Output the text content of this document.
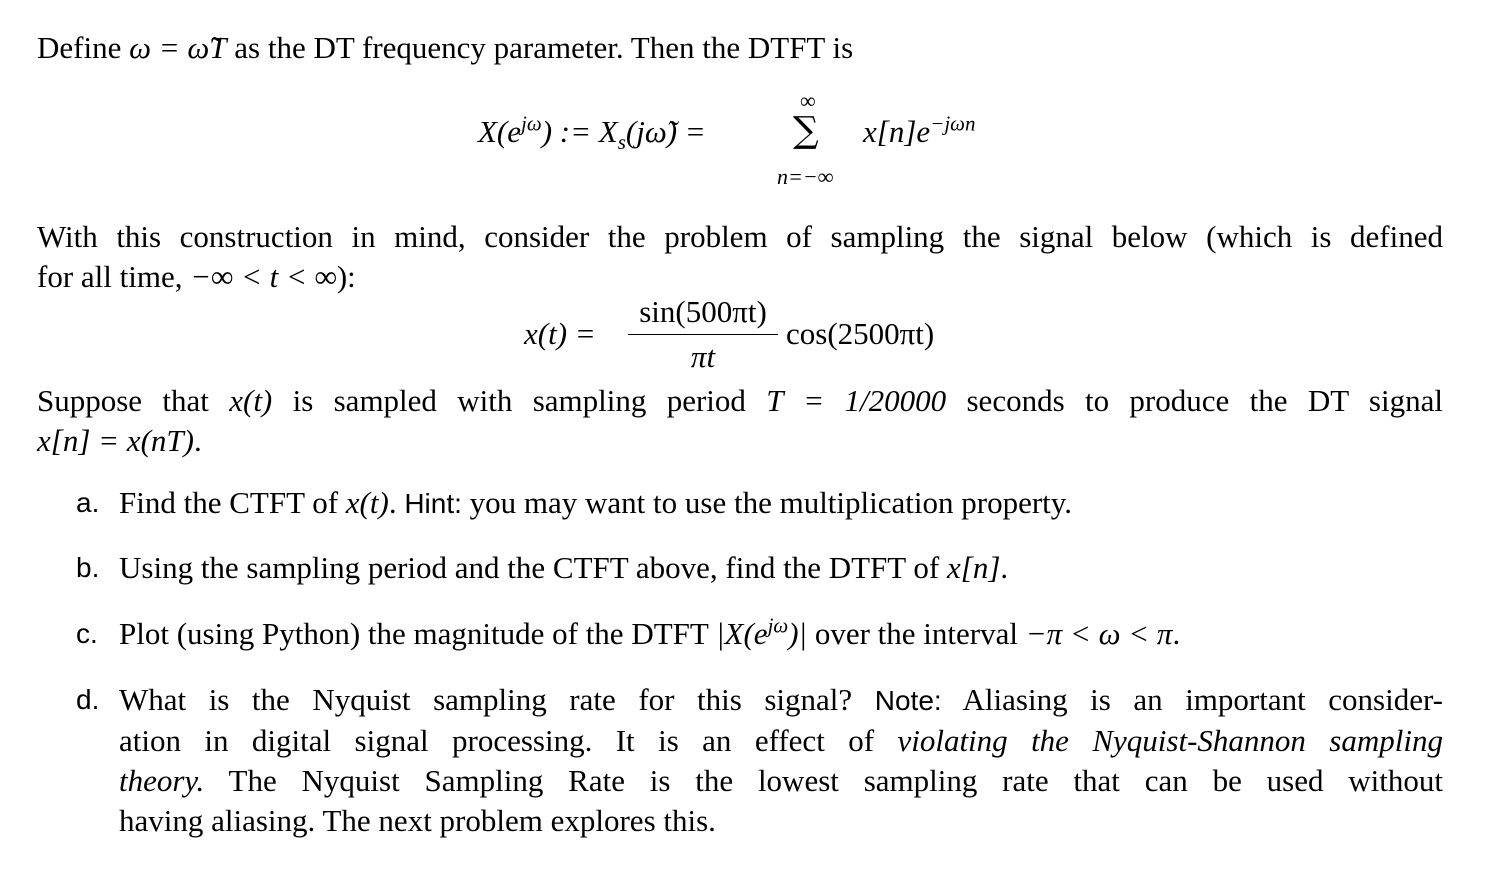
Define ω = ω̃T as the DT frequency parameter. Then the DTFT is
$X(e^{j\omega})$ := $X_s(j\omegã)$ =
∞
∑
n=−∞
$x[n]e^{-j\omega n}$
With this construction in mind, consider the problem of sampling the signal below (which is defined
for all time, −∞ < t < ∞):
x(t) =
sin(500πt)
πt
cos(2500πt)
Suppose that x(t) is sampled with sampling period T = 1/20000 seconds to produce the DT signal
x[n] = x(nT).
a. Find the CTFT of x(t). Hint: you may want to use the multiplication property.
b. Using the sampling period and the CTFT above, find the DTFT of x[n].
c. Plot (using Python) the magnitude of the DTFT $|X(e^{j\omega})|$ over the interval −π < ω < π.
d. What is the Nyquist sampling rate for this signal? Note: Aliasing is an important consider-
ation in digital signal processing. It is an effect of violating the Nyquist-Shannon sampling
theory. The Nyquist Sampling Rate is the lowest sampling rate that can be used without
having aliasing. The next problem explores this.
